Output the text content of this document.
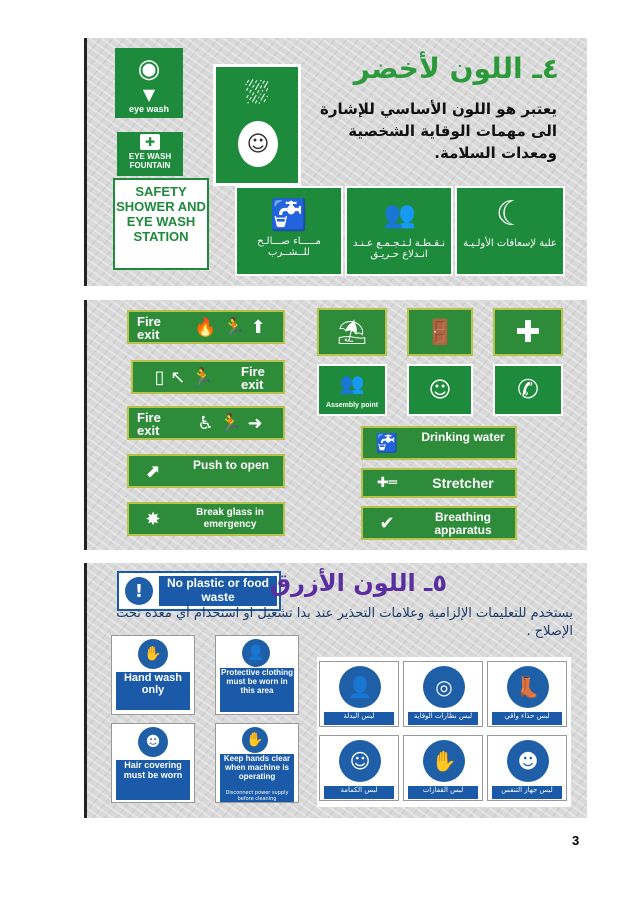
◉
▼
eye wash
✚
EYE WASH FOUNTAIN
SAFETY SHOWER AND EYE WASH STATION
⛆
☺
٤ـ اللون لأخضر
يعتبر هو اللون الأساسي للإشارة الى مهمات الوقاية الشخصية ومعدات السلامة.
🚰
مـــــاء صـــالـح للــشــرب
👥
نـقـطـة لـتـجـمـع عـنـد انـدلاع حـريـق
☾
علبة لإسعافات الأولـيـة
Fire exit	🔥 🏃 ⬆
▯ ↖ 🏃	Fire exit
Fire exit	♿ 🏃 ➜
⬈	Push to open
✸	Break glass in emergency
⛱	🚪	✚
👥
Assembly point
☺	✆
🚰	Drinking water
✚═	Stretcher
✔	Breathing apparatus
!	No plastic or food waste	٥ـ اللون الأزرق
يستخدم للتعليمات الإلزامية وعلامات التحذير عند بدا تشغيل او استخدام أي معدة تحت الإصلاح .
✋
Hand wash only
👤
Protective clothing must be worn in this area
☻
Hair covering must be worn
✋
Keep hands clear when machine is operating
Disconnect power supply before cleaning
👤
لبس البدلة
◎
لبس نظارات الوقاية
👢
لبس حذاء واقي
☺
لبس الكمامة
✋
لبس القفازات
☻
لبس جهاز التنفس
3
